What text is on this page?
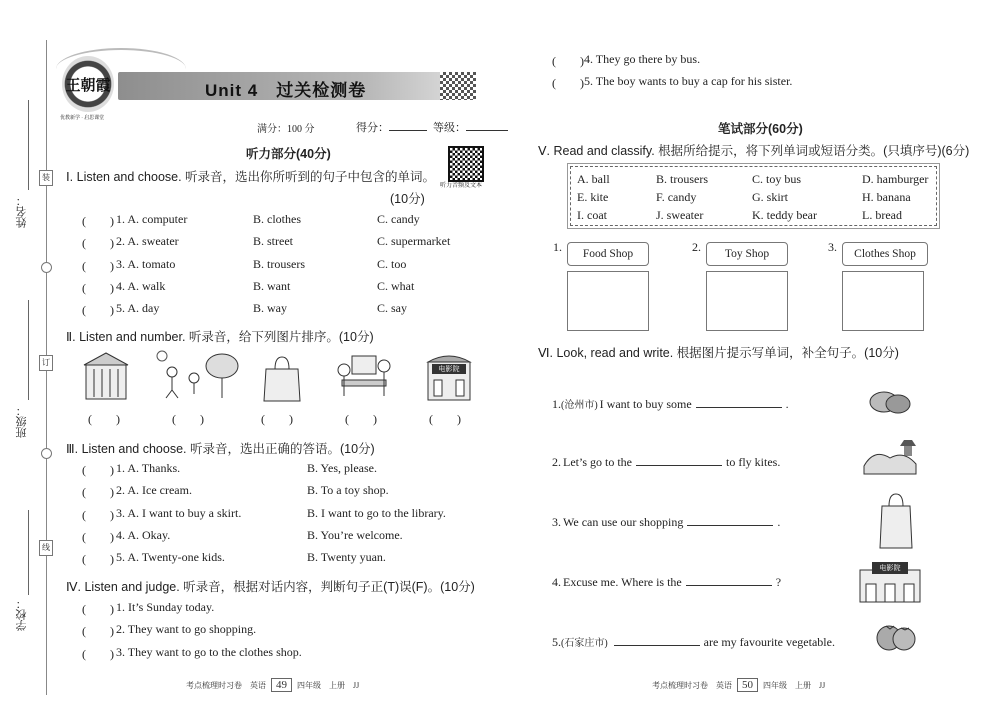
姓名：
班级：
学校：
装
订
线
王朝霞
优教新学 · 启思课堂
Unit 4　过关检测卷
满分：100 分	得分：	等级：
听力音频及文本
听力部分(40分)
Ⅰ. Listen and choose. 听录音，选出你所听到的句子中包含的单词。
(10分)
(　　) 1. A. computer	B. clothes	C. candy
(　　) 2. A. sweater	B. street	C. supermarket
(　　) 3. A. tomato	B. trousers	C. too
(　　) 4. A. walk	B. want	C. what
(　　) 5. A. day	B. way	C. say
Ⅱ. Listen and number. 听录音，给下列图片排序。(10分)
电影院
(　　)	(　　)	(　　)	(　　)	(　　)
Ⅲ. Listen and choose. 听录音，选出正确的答语。(10分)
(　　) 1. A. Thanks.	B. Yes, please.
(　　) 2. A. Ice cream.	B. To a toy shop.
(　　) 3. A. I want to buy a skirt.	B. I want to go to the library.
(　　) 4. A. Okay.	B. You’re welcome.
(　　) 5. A. Twenty-one kids.	B. Twenty yuan.
Ⅳ. Listen and judge. 听录音，根据对话内容，判断句子正(T)误(F)。(10分)
(　　) 1. It’s Sunday today.
(　　) 2. They want to go shopping.
(　　) 3. They want to go to the clothes shop.
(　　) 4. They go there by bus.
(　　) 5. The boy wants to buy a cap for his sister.
笔试部分(60分)
Ⅴ. Read and classify. 根据所给提示，将下列单词或短语分类。(只填序号)(6分)
A. ball	B. trousers	C. toy bus	D. hamburger
E. kite	F. candy	G. skirt	H. banana
I. coat	J. sweater	K. teddy bear	L. bread
1.	Food Shop	2.	Toy Shop	3.	Clothes Shop
Ⅵ. Look, read and write. 根据图片提示写单词，补全句子。(10分)
1.(沧州市) I want to buy some	.
2. Let’s go to the	to fly kites.
3. We can use our shopping	.
4. Excuse me. Where is the	?
5.(石家庄市)	are my favourite vegetable.
电影院
考点梳理时习卷　英语 49 四年级　上册　JJ	考点梳理时习卷　英语 50 四年级　上册　JJ
